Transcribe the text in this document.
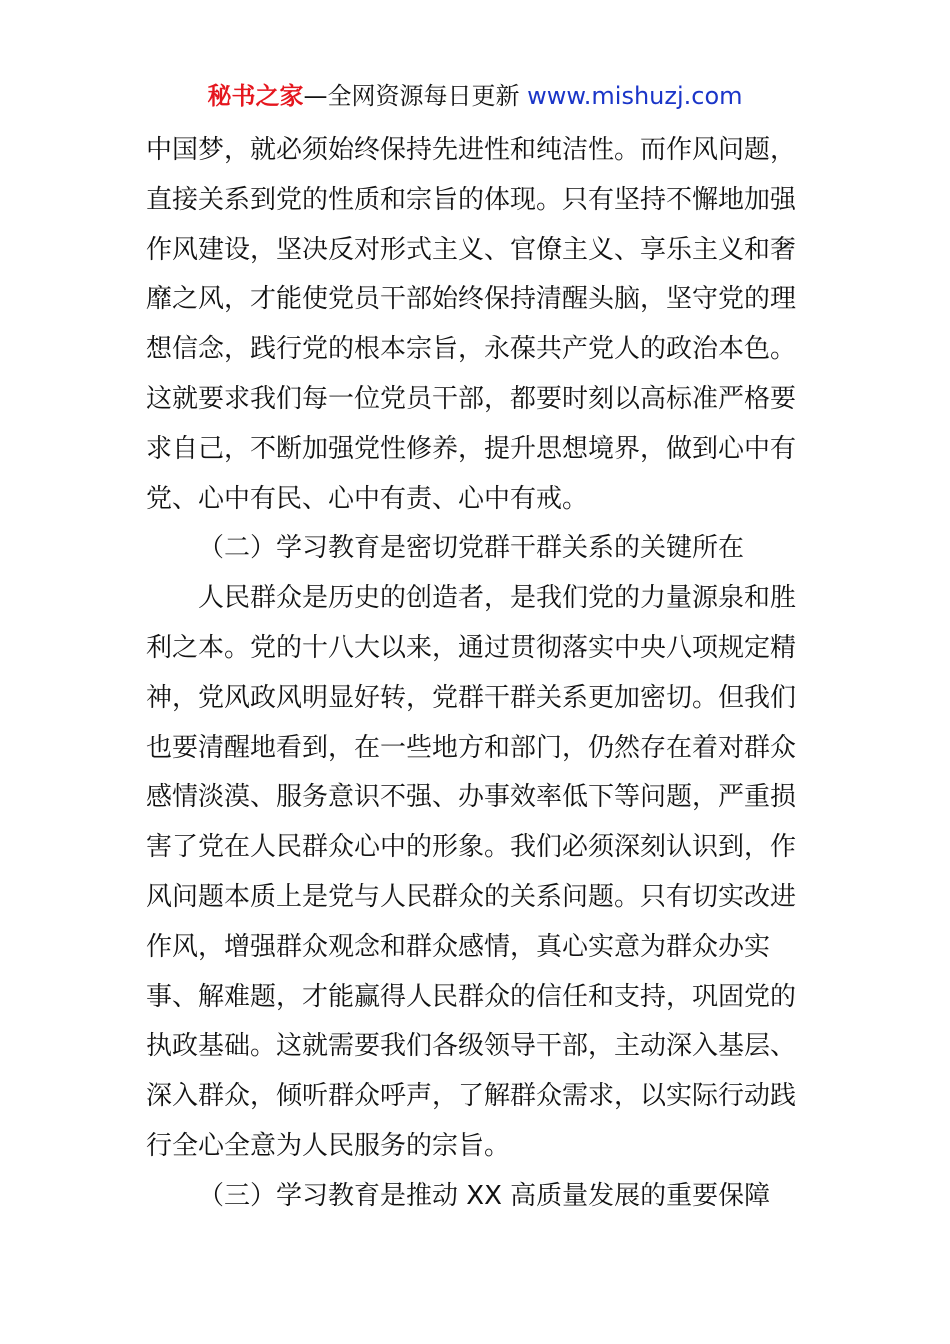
秘书之家—全网资源每日更新 www.mishuzj.com
中国梦，就必须始终保持先进性和纯洁性。而作风问题，
直接关系到党的性质和宗旨的体现。只有坚持不懈地加强
作风建设，坚决反对形式主义、官僚主义、享乐主义和奢
靡之风，才能使党员干部始终保持清醒头脑，坚守党的理
想信念，践行党的根本宗旨，永葆共产党人的政治本色。
这就要求我们每一位党员干部，都要时刻以高标准严格要
求自己，不断加强党性修养，提升思想境界，做到心中有
党、心中有民、心中有责、心中有戒。
（二）学习教育是密切党群干群关系的关键所在
人民群众是历史的创造者，是我们党的力量源泉和胜
利之本。党的十八大以来，通过贯彻落实中央八项规定精
神，党风政风明显好转，党群干群关系更加密切。但我们
也要清醒地看到，在一些地方和部门，仍然存在着对群众
感情淡漠、服务意识不强、办事效率低下等问题，严重损
害了党在人民群众心中的形象。我们必须深刻认识到，作
风问题本质上是党与人民群众的关系问题。只有切实改进
作风，增强群众观念和群众感情，真心实意为群众办实
事、解难题，才能赢得人民群众的信任和支持，巩固党的
执政基础。这就需要我们各级领导干部，主动深入基层、
深入群众，倾听群众呼声，了解群众需求，以实际行动践
行全心全意为人民服务的宗旨。
（三）学习教育是推动 XX 高质量发展的重要保障
